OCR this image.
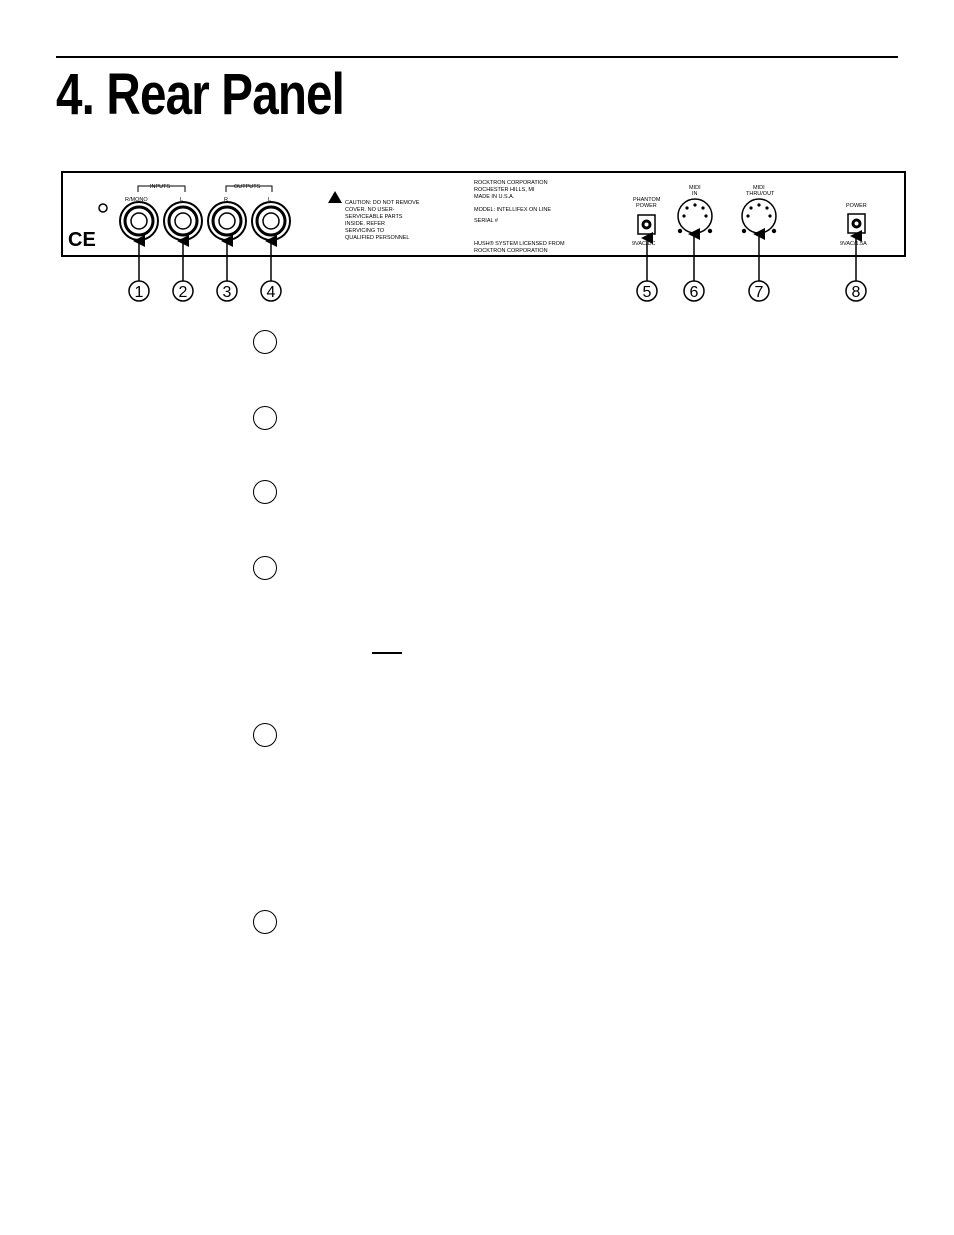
4. Rear Panel
CE
INPUTS
R/MONO	L
OUTPUTS
R	L	CAUTION: DO NOT REMOVE
COVER. NO USER-
SERVICEABLE PARTS
INSIDE. REFER
SERVICING TO
QUALIFIED PERSONNEL
ROCKTRON CORPORATION
ROCHESTER HILLS, MI
MADE IN U.S.A.
MODEL: INTELLIFEX ON LINE
SERIAL #
HUSH® SYSTEM LICENSED FROM
ROCKTRON CORPORATION
PHANTOM
POWER
9VAC/DC
MIDI
IN
MIDI
THRU/OUT
POWER
9VAC/1.5A
1 2 3 4	5 6	7	8
